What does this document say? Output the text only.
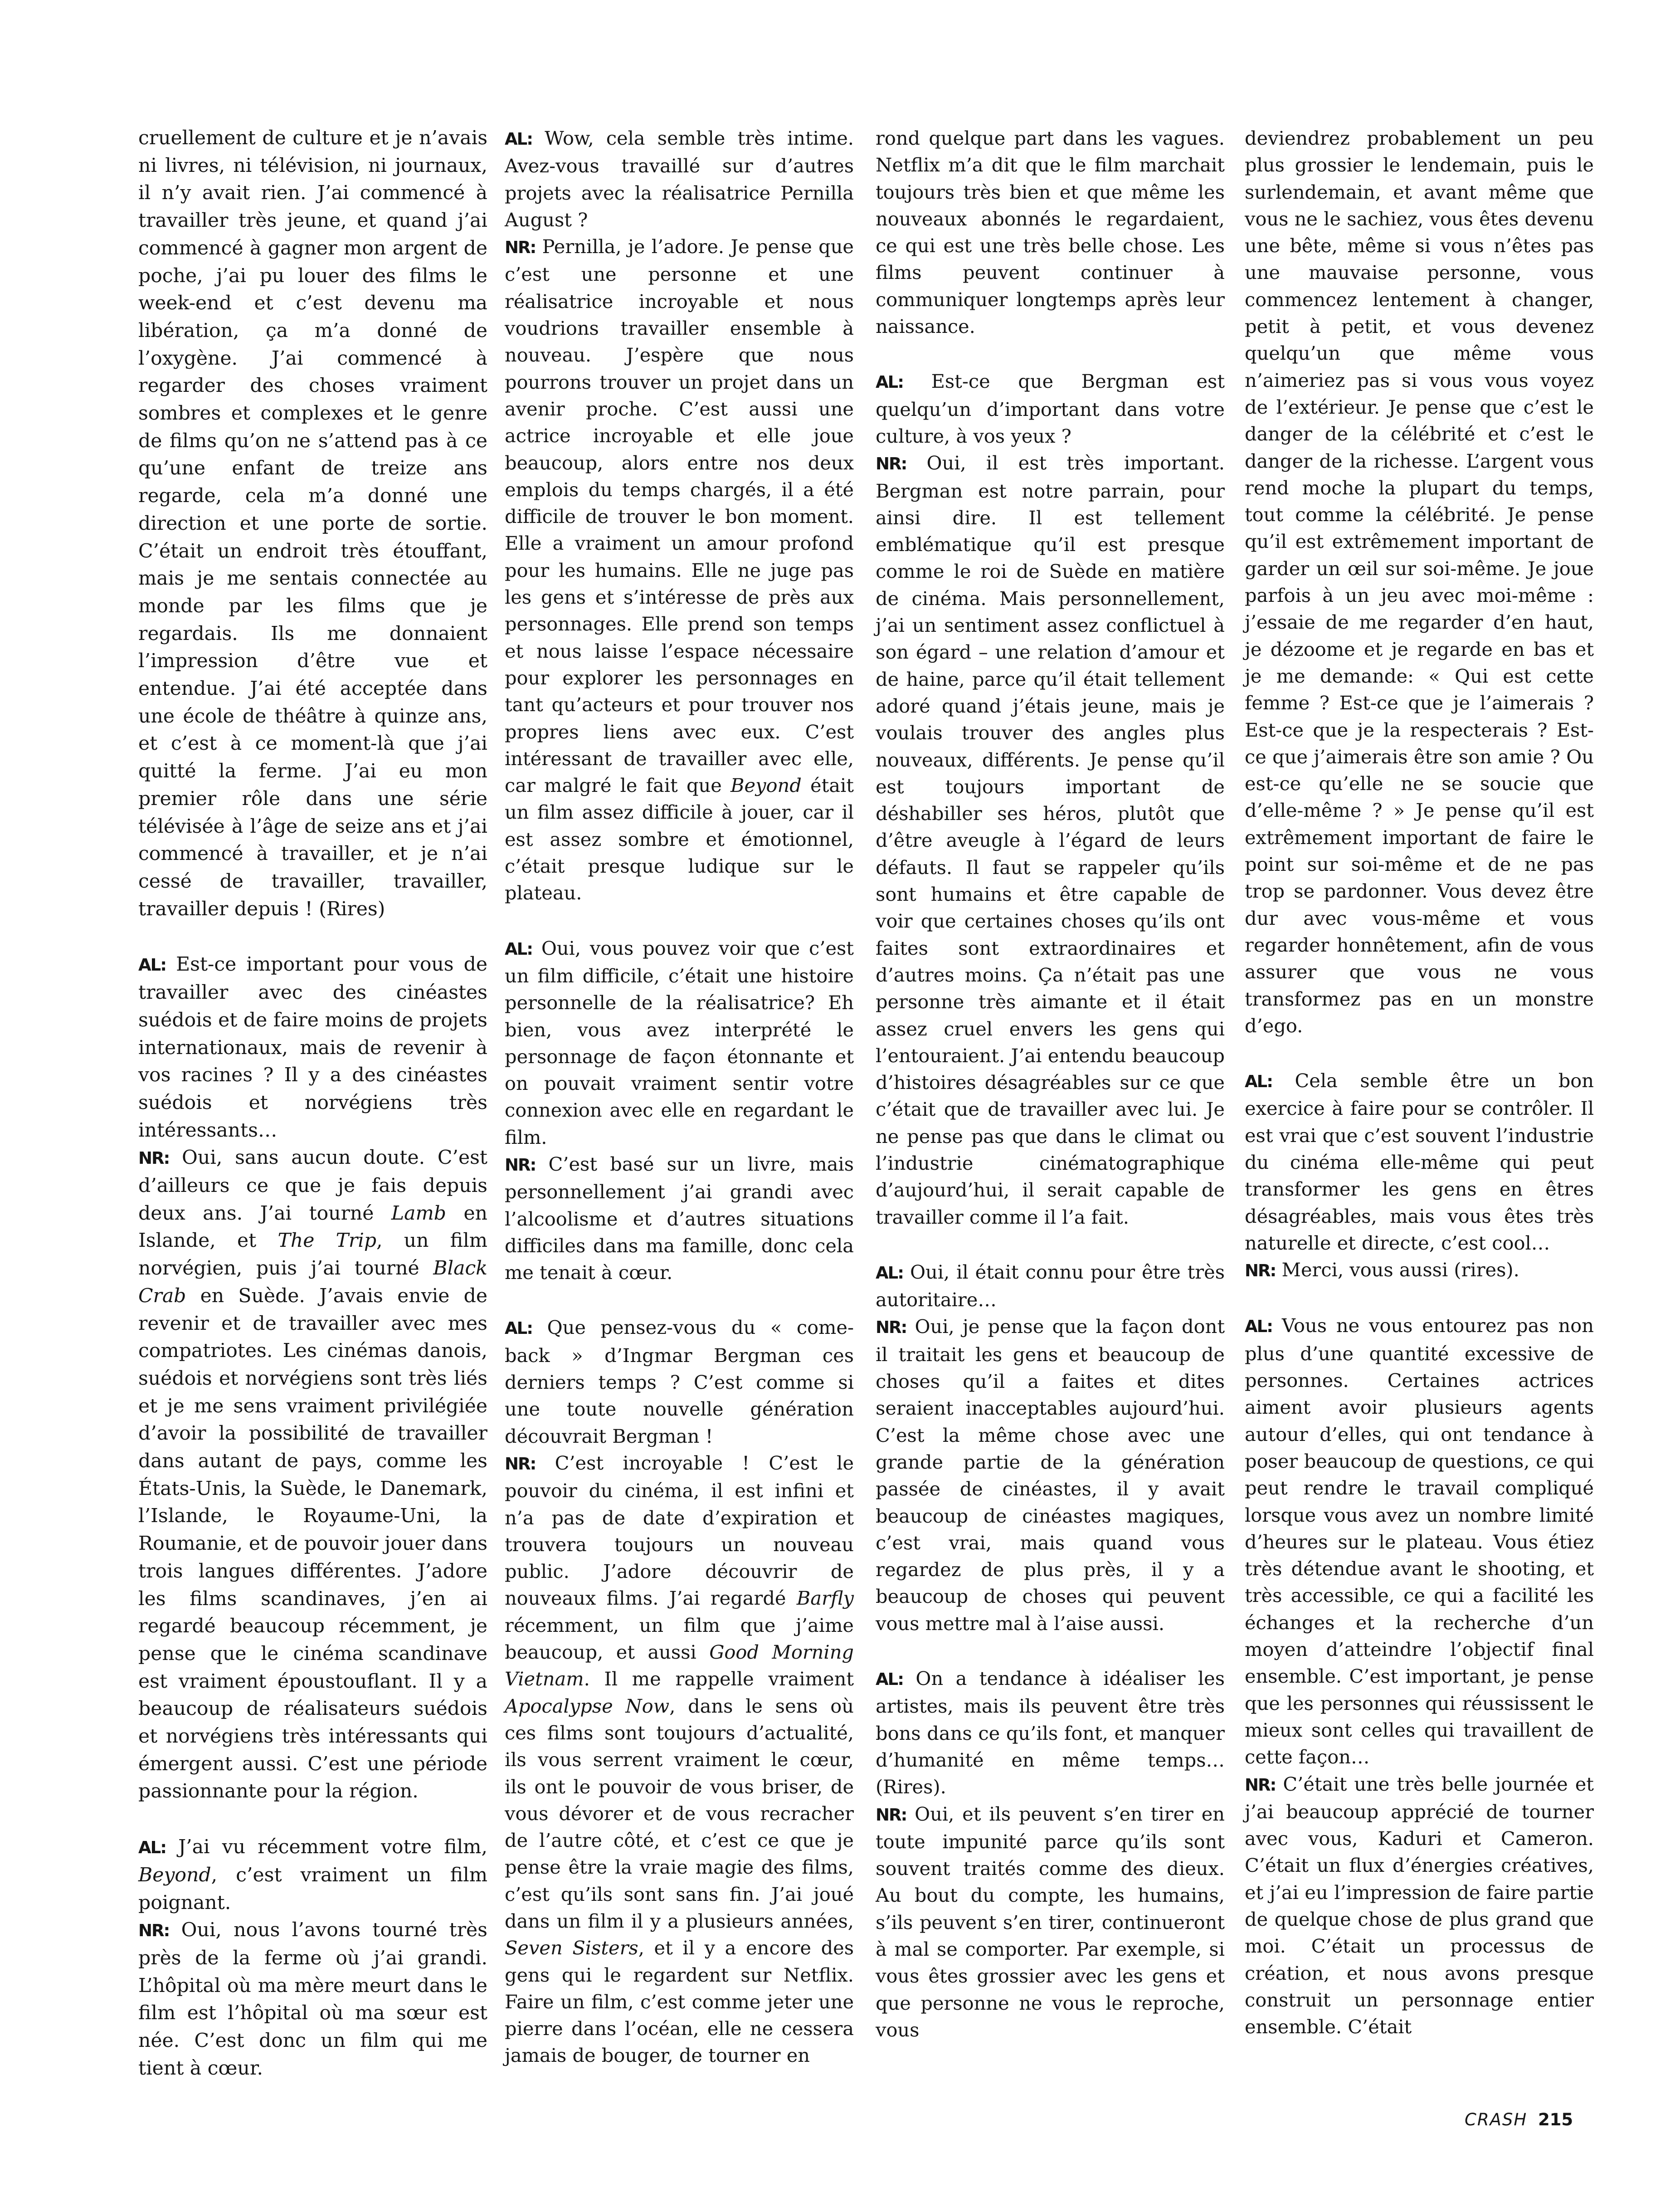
cruellement de culture et je n’avais ni livres, ni télévision, ni journaux, il n’y avait rien. J’ai commencé à travailler très jeune, et quand j’ai commencé à gagner mon argent de poche, j’ai pu louer des films le week-end et c’est devenu ma libération, ça m’a donné de l’oxygène. J’ai commencé à regarder des choses vraiment sombres et complexes et le genre de films qu’on ne s’attend pas à ce qu’une enfant de treize ans regarde, cela m’a donné une direction et une porte de sortie. C’était un endroit très étouffant, mais je me sentais connectée au monde par les films que je regardais. Ils me donnaient l’impression d’être vue et entendue. J’ai été acceptée dans une école de théâtre à quinze ans, et c’est à ce moment-là que j’ai quitté la ferme. J’ai eu mon premier rôle dans une série télévisée à l’âge de seize ans et j’ai commencé à travailler, et je n’ai cessé de travailler, travailler, travailler depuis ! (Rires)

AL: Est-ce important pour vous de travailler avec des cinéastes suédois et de faire moins de projets internationaux, mais de revenir à vos racines ? Il y a des cinéastes suédois et norvégiens très intéressants…

NR: Oui, sans aucun doute. C’est d’ailleurs ce que je fais depuis deux ans. J’ai tourné Lamb en Islande, et The Trip, un film norvégien, puis j’ai tourné Black Crab en Suède. J’avais envie de revenir et de travailler avec mes compatriotes. Les cinémas danois, suédois et norvégiens sont très liés et je me sens vraiment privilégiée d’avoir la possibilité de travailler dans autant de pays, comme les États-Unis, la Suède, le Danemark, l’Islande, le Royaume-Uni, la Roumanie, et de pouvoir jouer dans trois langues différentes. J’adore les films scandinaves, j’en ai regardé beaucoup récemment, je pense que le cinéma scandinave est vraiment époustouflant. Il y a beaucoup de réalisateurs suédois et norvégiens très intéressants qui émergent aussi. C’est une période passionnante pour la région.

AL: J’ai vu récemment votre film, Beyond, c’est vraiment un film poignant.

NR: Oui, nous l’avons tourné très près de la ferme où j’ai grandi. L’hôpital où ma mère meurt dans le film est l’hôpital où ma sœur est née. C’est donc un film qui me tient à cœur.

AL: Wow, cela semble très intime. Avez-vous travaillé sur d’autres projets avec la réalisatrice Pernilla August ?

NR: Pernilla, je l’adore. Je pense que c’est une personne et une réalisatrice incroyable et nous voudrions travailler ensemble à nouveau. J’espère que nous pourrons trouver un projet dans un avenir proche. C’est aussi une actrice incroyable et elle joue beaucoup, alors entre nos deux emplois du temps chargés, il a été difficile de trouver le bon moment. Elle a vraiment un amour profond pour les humains. Elle ne juge pas les gens et s’intéresse de près aux personnages. Elle prend son temps et nous laisse l’espace nécessaire pour explorer les personnages en tant qu’acteurs et pour trouver nos propres liens avec eux. C’est intéressant de travailler avec elle, car malgré le fait que Beyond était un film assez difficile à jouer, car il est assez sombre et émotionnel, c’était presque ludique sur le plateau.

AL: Oui, vous pouvez voir que c’est un film difficile, c’était une histoire personnelle de la réalisatrice? Eh bien, vous avez interprété le personnage de façon étonnante et on pouvait vraiment sentir votre connexion avec elle en regardant le film.

NR: C’est basé sur un livre, mais personnellement j’ai grandi avec l’alcoolisme et d’autres situations difficiles dans ma famille, donc cela me tenait à cœur.

AL: Que pensez-vous du « come-back » d’Ingmar Bergman ces derniers temps ? C’est comme si une toute nouvelle génération découvrait Bergman !

NR: C’est incroyable ! C’est le pouvoir du cinéma, il est infini et n’a pas de date d’expiration et trouvera toujours un nouveau public. J’adore découvrir de nouveaux films. J’ai regardé Barfly récemment, un film que j’aime beaucoup, et aussi Good Morning Vietnam. Il me rappelle vraiment Apocalypse Now, dans le sens où ces films sont toujours d’actualité, ils vous serrent vraiment le cœur, ils ont le pouvoir de vous briser, de vous dévorer et de vous recracher de l’autre côté, et c’est ce que je pense être la vraie magie des films, c’est qu’ils sont sans fin. J’ai joué dans un film il y a plusieurs années, Seven Sisters, et il y a encore des gens qui le regardent sur Netflix. Faire un film, c’est comme jeter une pierre dans l’océan, elle ne cessera jamais de bouger, de tourner en

rond quelque part dans les vagues. Netflix m’a dit que le film marchait toujours très bien et que même les nouveaux abonnés le regardaient, ce qui est une très belle chose. Les films peuvent continuer à communiquer longtemps après leur naissance.

AL: Est-ce que Bergman est quelqu’un d’important dans votre culture, à vos yeux ?

NR: Oui, il est très important. Bergman est notre parrain, pour ainsi dire. Il est tellement emblématique qu’il est presque comme le roi de Suède en matière de cinéma. Mais personnellement, j’ai un sentiment assez conflictuel à son égard – une relation d’amour et de haine, parce qu’il était tellement adoré quand j’étais jeune, mais je voulais trouver des angles plus nouveaux, différents. Je pense qu’il est toujours important de déshabiller ses héros, plutôt que d’être aveugle à l’égard de leurs défauts. Il faut se rappeler qu’ils sont humains et être capable de voir que certaines choses qu’ils ont faites sont extraordinaires et d’autres moins. Ça n’était pas une personne très aimante et il était assez cruel envers les gens qui l’entouraient. J’ai entendu beaucoup d’histoires désagréables sur ce que c’était que de travailler avec lui. Je ne pense pas que dans le climat ou l’industrie cinématographique d’aujourd’hui, il serait capable de travailler comme il l’a fait.

AL: Oui, il était connu pour être très autoritaire…

NR: Oui, je pense que la façon dont il traitait les gens et beaucoup de choses qu’il a faites et dites seraient inacceptables aujourd’hui. C’est la même chose avec une grande partie de la génération passée de cinéastes, il y avait beaucoup de cinéastes magiques, c’est vrai, mais quand vous regardez de plus près, il y a beaucoup de choses qui peuvent vous mettre mal à l’aise aussi.

AL: On a tendance à idéaliser les artistes, mais ils peuvent être très bons dans ce qu’ils font, et manquer d’humanité en même temps… (Rires).

NR: Oui, et ils peuvent s’en tirer en toute impunité parce qu’ils sont souvent traités comme des dieux. Au bout du compte, les humains, s’ils peuvent s’en tirer, continueront à mal se comporter. Par exemple, si vous êtes grossier avec les gens et que personne ne vous le reproche, vous

deviendrez probablement un peu plus grossier le lendemain, puis le surlendemain, et avant même que vous ne le sachiez, vous êtes devenu une bête, même si vous n’êtes pas une mauvaise personne, vous commencez lentement à changer, petit à petit, et vous devenez quelqu’un que même vous n’aimeriez pas si vous vous voyez de l’extérieur. Je pense que c’est le danger de la célébrité et c’est le danger de la richesse. L’argent vous rend moche la plupart du temps, tout comme la célébrité. Je pense qu’il est extrêmement important de garder un œil sur soi-même. Je joue parfois à un jeu avec moi-même : j’essaie de me regarder d’en haut, je dézoome et je regarde en bas et je me demande: « Qui est cette femme ? Est-ce que je l’aimerais ? Est-ce que je la respecterais ? Est-ce que j’aimerais être son amie ? Ou est-ce qu’elle ne se soucie que d’elle-même ? » Je pense qu’il est extrêmement important de faire le point sur soi-même et de ne pas trop se pardonner. Vous devez être dur avec vous-même et vous regarder honnêtement, afin de vous assurer que vous ne vous transformez pas en un monstre d’ego.

AL: Cela semble être un bon exercice à faire pour se contrôler. Il est vrai que c’est souvent l’industrie du cinéma elle-même qui peut transformer les gens en êtres désagréables, mais vous êtes très naturelle et directe, c’est cool…

NR: Merci, vous aussi (rires).

AL: Vous ne vous entourez pas non plus d’une quantité excessive de personnes. Certaines actrices aiment avoir plusieurs agents autour d’elles, qui ont tendance à poser beaucoup de questions, ce qui peut rendre le travail compliqué lorsque vous avez un nombre limité d’heures sur le plateau. Vous étiez très détendue avant le shooting, et très accessible, ce qui a facilité les échanges et la recherche d’un moyen d’atteindre l’objectif final ensemble. C’est important, je pense que les personnes qui réussissent le mieux sont celles qui travaillent de cette façon…

NR: C’était une très belle journée et j’ai beaucoup apprécié de tourner avec vous, Kaduri et Cameron. C’était un flux d’énergies créatives, et j’ai eu l’impression de faire partie de quelque chose de plus grand que moi. C’était un processus de création, et nous avons presque construit un personnage entier ensemble. C’était

CRASH 215
